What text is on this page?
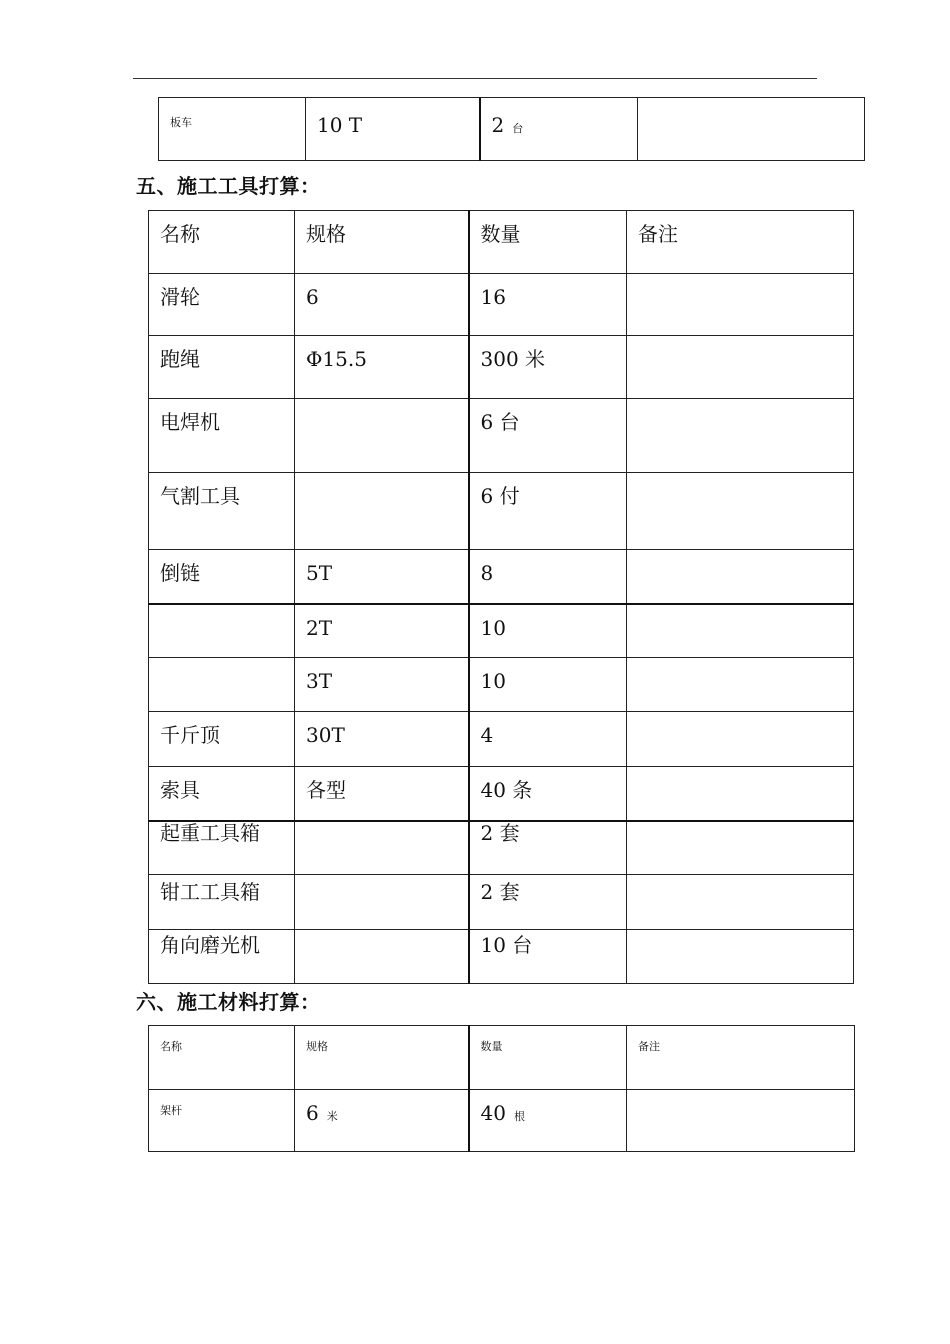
板车	10 T	2 台

五、施工工具打算：
名称	规格	数量	备注

滑轮	6	16	

跑绳	Φ15.5	300 米	

电焊机		6 台	

气割工具		6 付	

倒链	5T	8	

	2T	10	

	3T	10	

千斤顶	30T	4	

索具	各型	40 条	

起重工具箱		2 套	

钳工工具箱		2 套	

角向磨光机		10 台	

六、施工材料打算：
名称	规格	数量	备注

架杆	6 米	40 根	
